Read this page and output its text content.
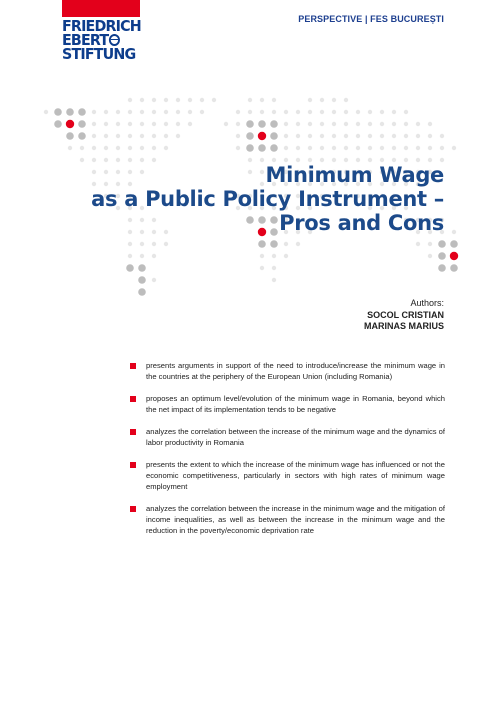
FRIEDRICH
EBERT
STIFTUNG
PERSPECTIVE | FES BUCUREȘTI
Minimum Wage
as a Public Policy Instrument –
Pros and Cons
Authors:
SOCOL CRISTIAN
MARINAS MARIUS
presents arguments in support of the need to introduce/increase the minimum wage in the countries at the periphery of the European Union (including Romania)
proposes an optimum level/evolution of the minimum wage in Romania, beyond which the net impact of its implementation tends to be negative
analyzes the correlation between the increase of the minimum wage and the dynamics of labor productivity in Romania
presents the extent to which the increase of the minimum wage has influenced or not the economic competitiveness, particularly in sectors with high rates of minimum wage employment
analyzes the correlation between the increase in the minimum wage and the mitigation of income inequalities, as well as between the increase in the minimum wage and the reduction in the poverty/economic deprivation rate
